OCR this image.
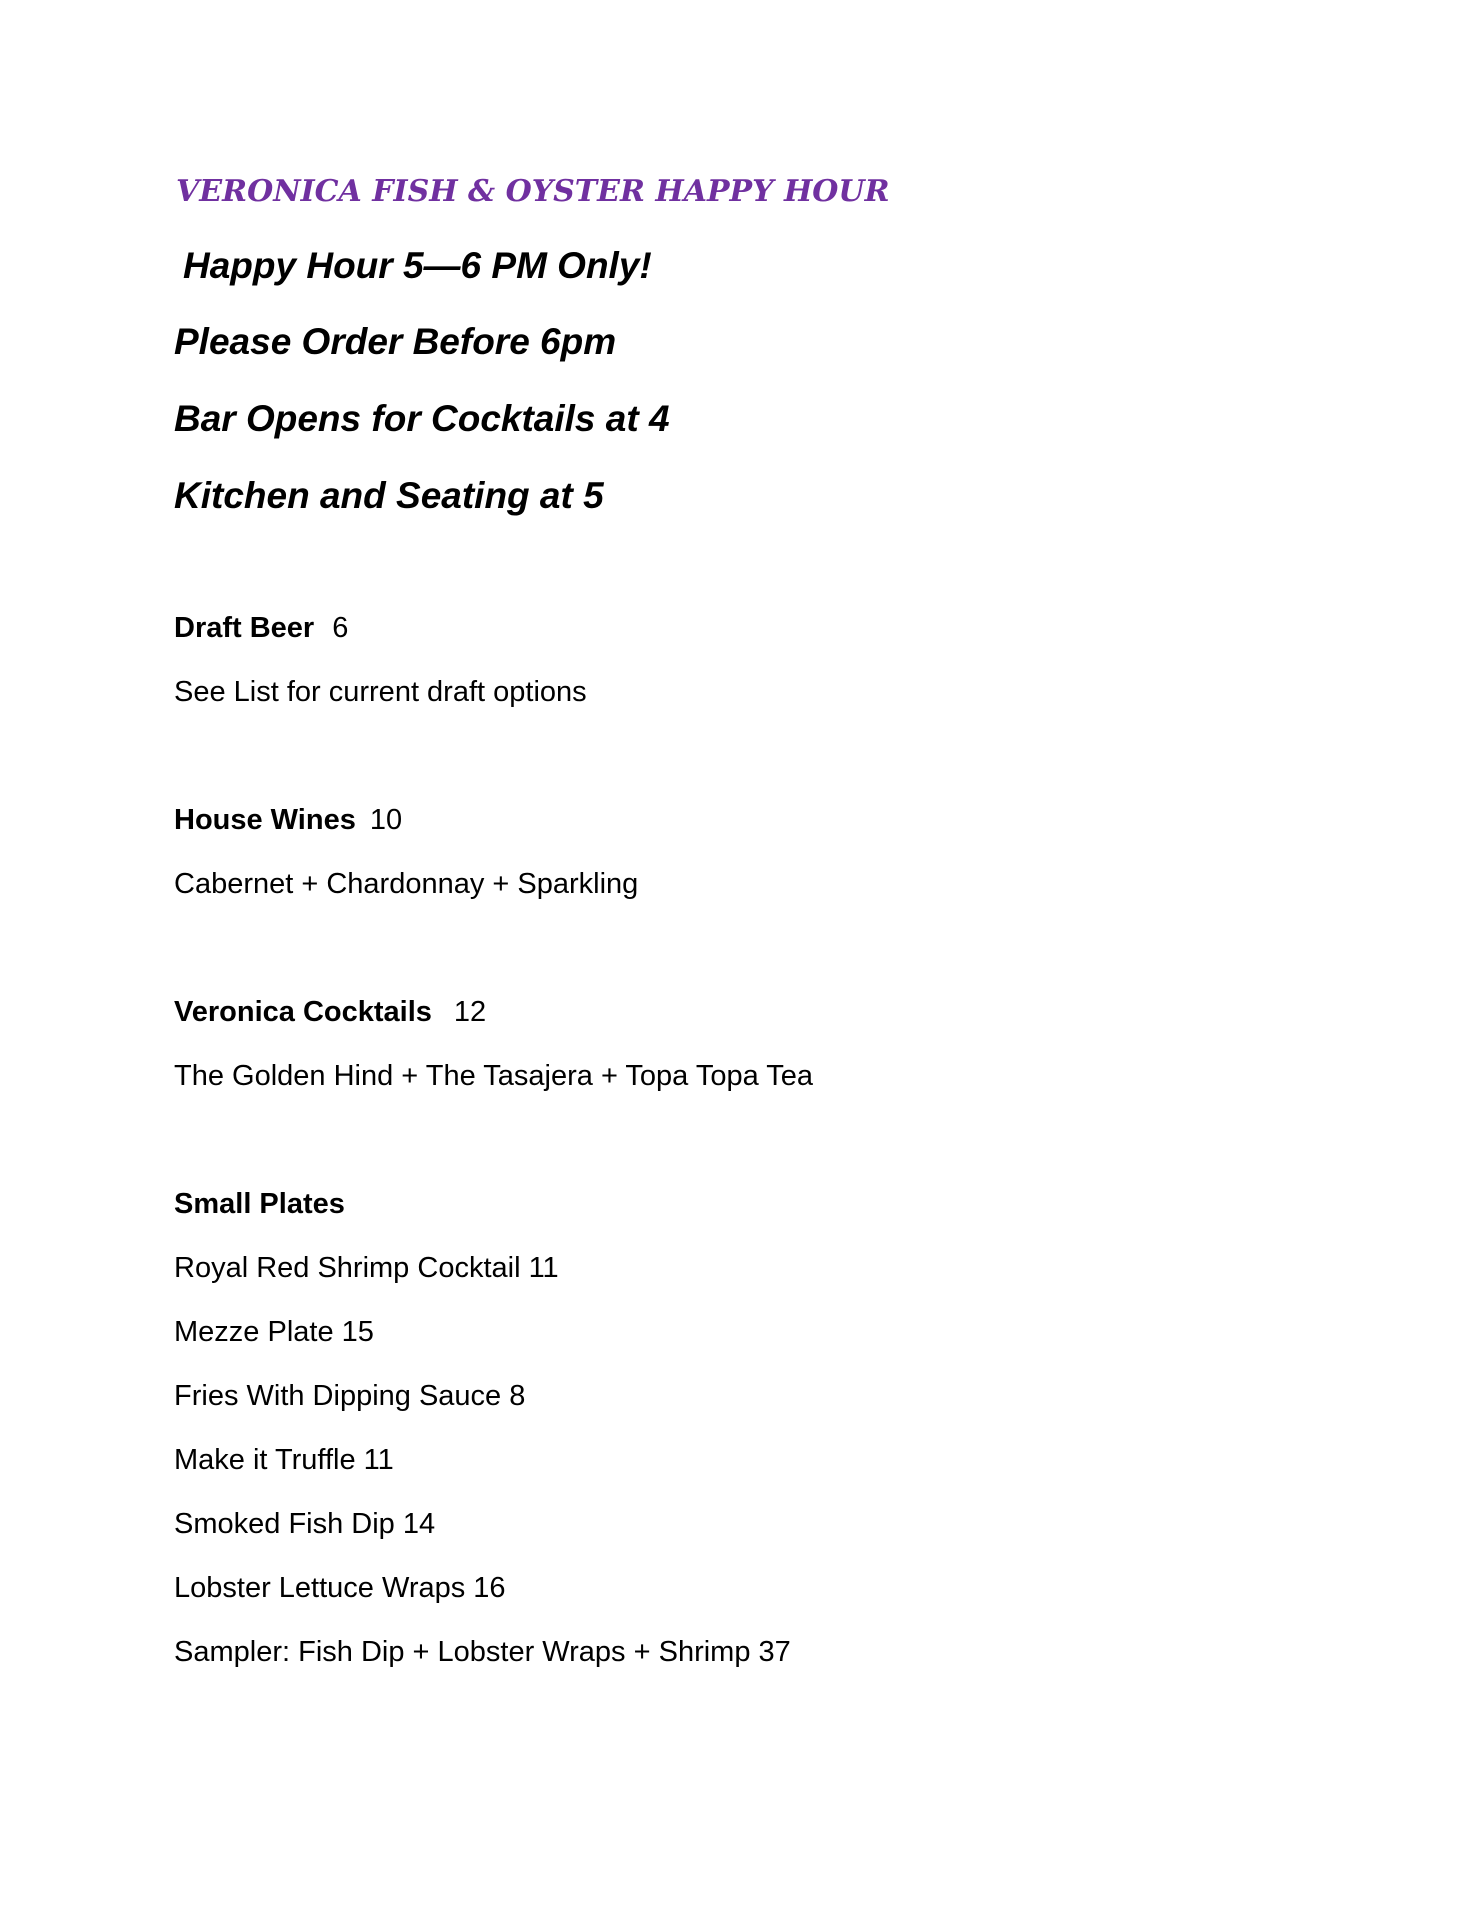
VERONICA FISH & OYSTER HAPPY HOUR
Happy Hour 5—6 PM Only!
Please Order Before 6pm
Bar Opens for Cocktails at 4
Kitchen and Seating at 5
Draft Beer 6
See List for current draft options
House Wines 10
Cabernet + Chardonnay + Sparkling
Veronica Cocktails 12
The Golden Hind + The Tasajera + Topa Topa Tea
Small Plates
Royal Red Shrimp Cocktail 11
Mezze Plate 15
Fries With Dipping Sauce 8
Make it Truffle 11
Smoked Fish Dip 14
Lobster Lettuce Wraps 16
Sampler: Fish Dip + Lobster Wraps + Shrimp 37
